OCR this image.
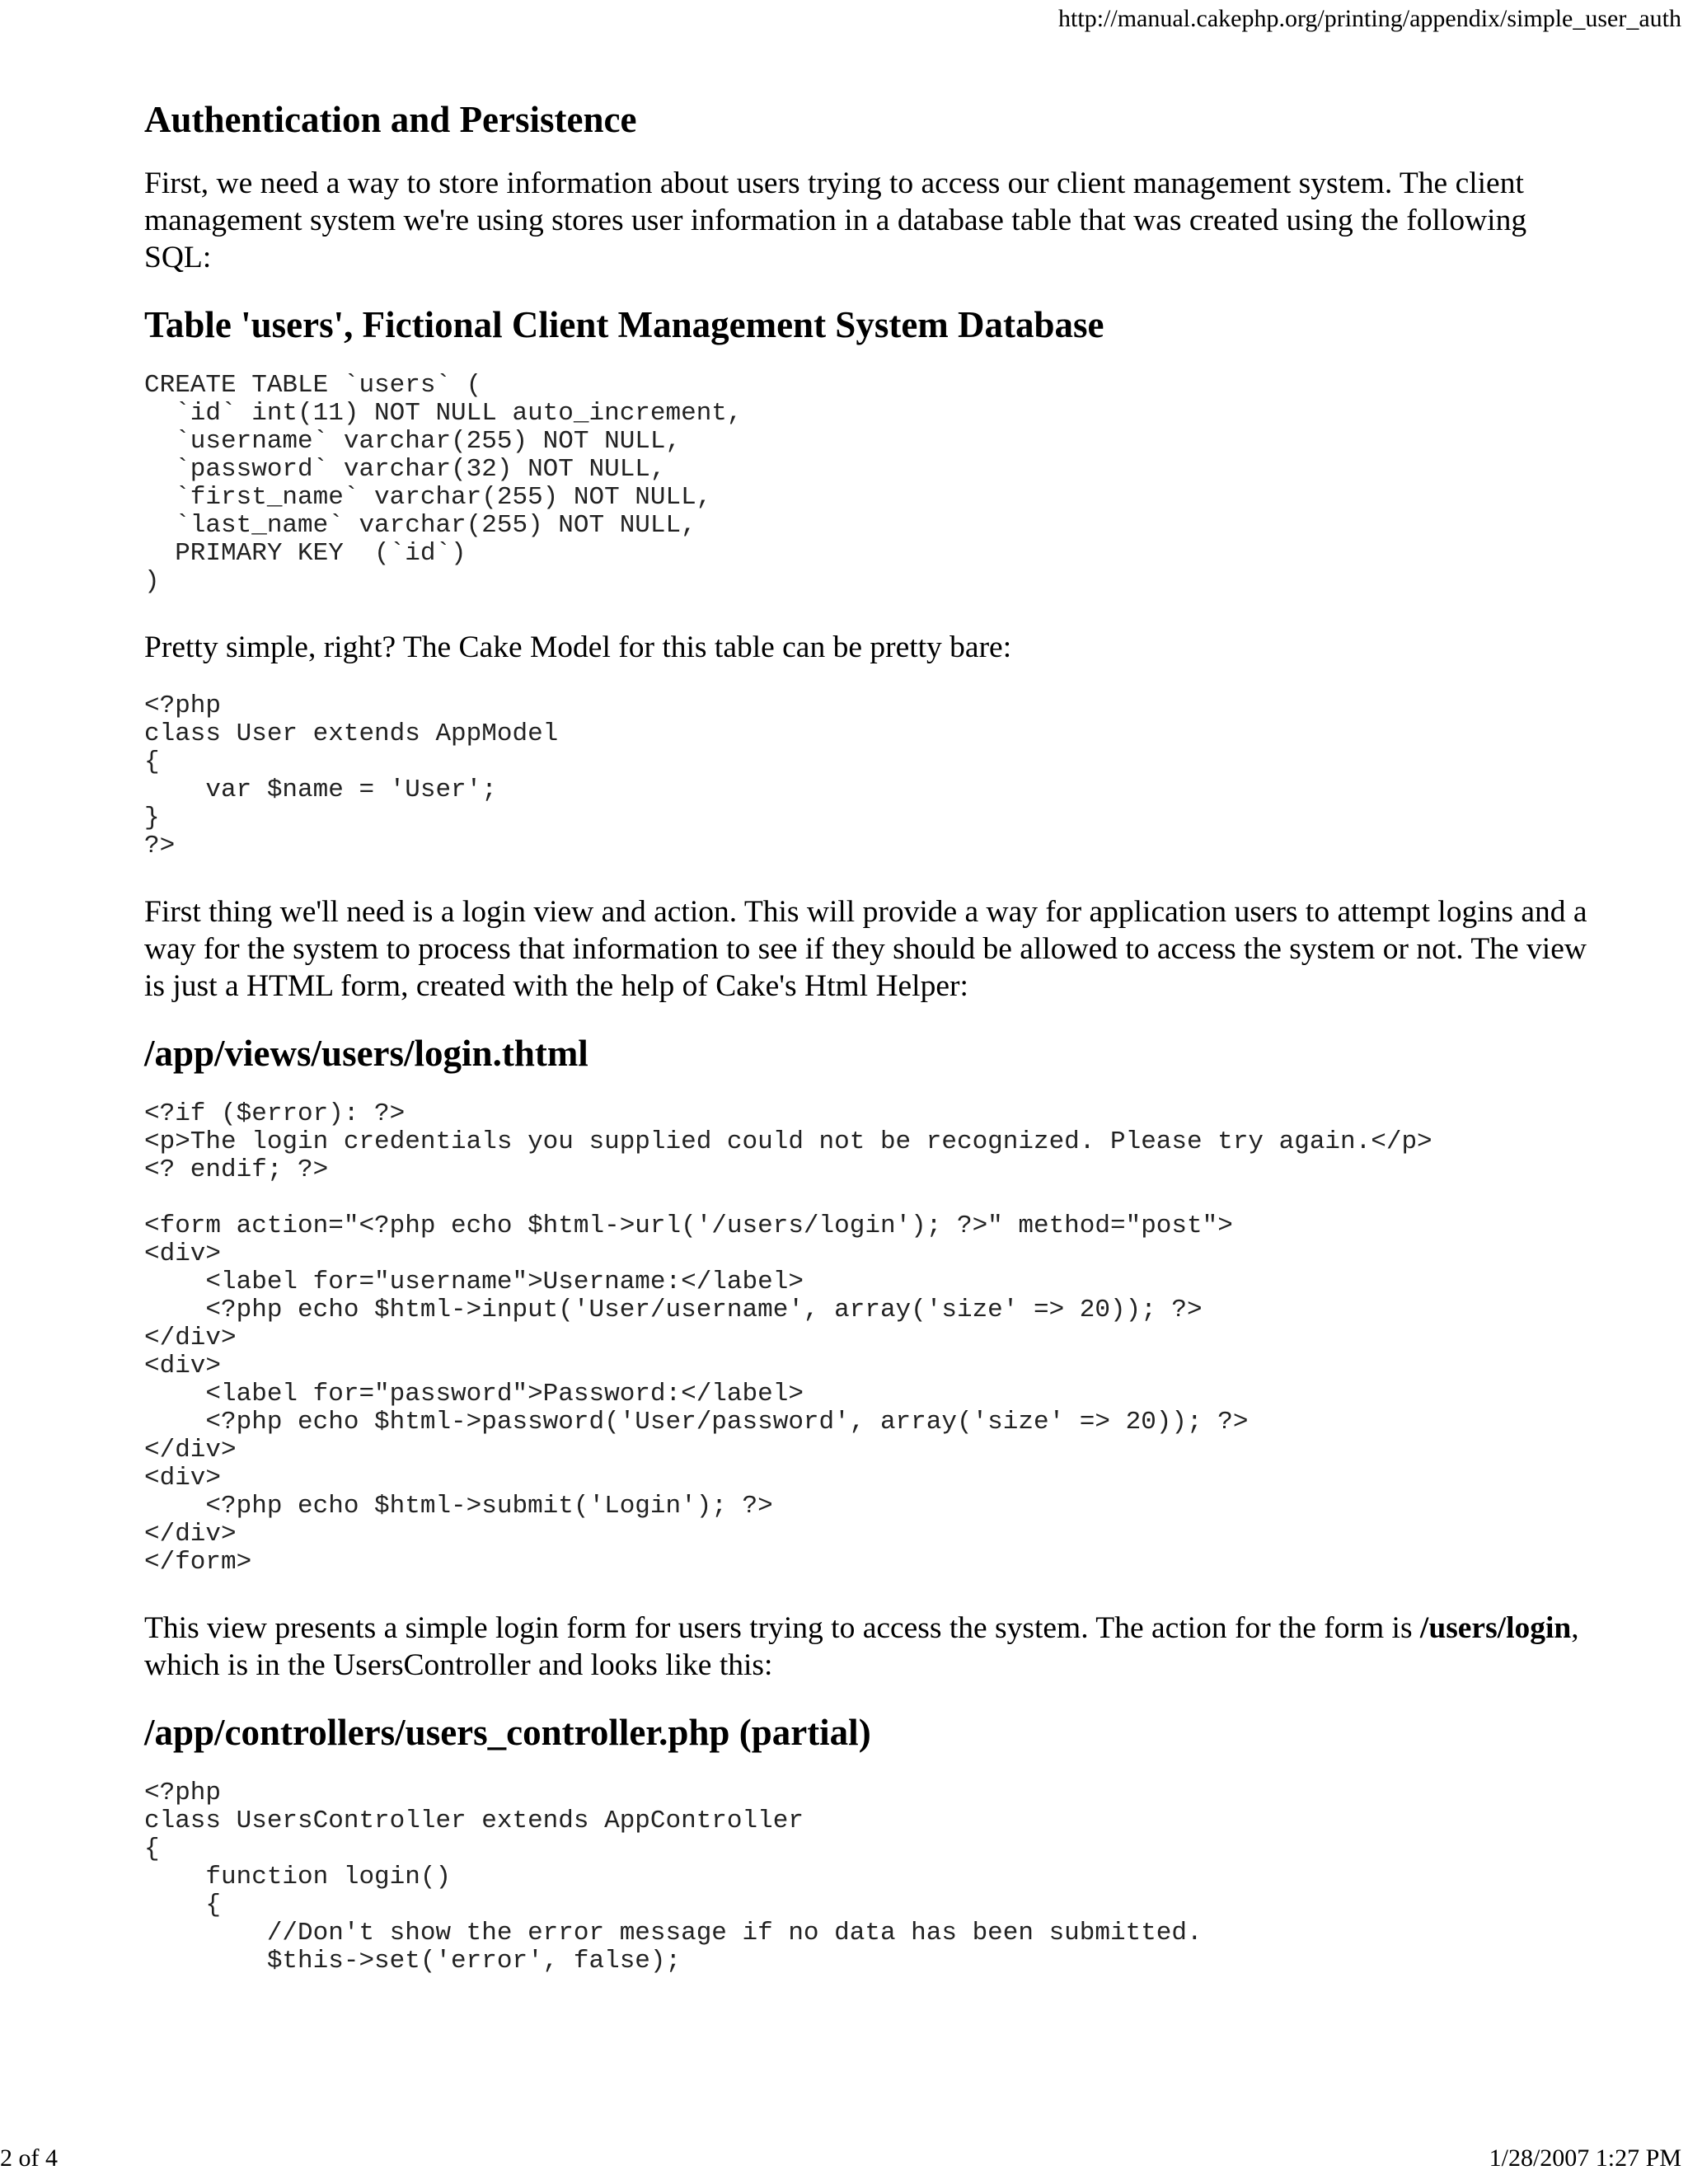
http://manual.cakephp.org/printing/appendix/simple_user_auth
Authentication and Persistence

First, we need a way to store information about users trying to access our client management system. The client management system we're using stores user information in a database table that was created using the following SQL:

Table 'users', Fictional Client Management System Database
CREATE TABLE `users` (
`id` int(11) NOT NULL auto_increment,
`username` varchar(255) NOT NULL,
`password` varchar(32) NOT NULL,
`first_name` varchar(255) NOT NULL,
`last_name` varchar(255) NOT NULL,
PRIMARY KEY  (`id`)
)

Pretty simple, right? The Cake Model for this table can be pretty bare:

<?php
class User extends AppModel
{
var $name = 'User';
}
?>

First thing we'll need is a login view and action. This will provide a way for application users to attempt logins and a way for the system to process that information to see if they should be allowed to access the system or not. The view is just a HTML form, created with the help of Cake's Html Helper:

/app/views/users/login.thtml
<?if ($error): ?>
<p>The login credentials you supplied could not be recognized. Please try again.</p>
<? endif; ?>

<form action="<?php echo $html->url('/users/login'); ?>" method="post">
<div>
<label for="username">Username:</label>
<?php echo $html->input('User/username', array('size' => 20)); ?>
</div>
<div>
<label for="password">Password:</label>
<?php echo $html->password('User/password', array('size' => 20)); ?>
</div>
<div>
<?php echo $html->submit('Login'); ?>
</div>
</form>

This view presents a simple login form for users trying to access the system. The action for the form is /users/login, which is in the UsersController and looks like this:

/app/controllers/users_controller.php (partial)
<?php
class UsersController extends AppController
{
function login()
{
//Don't show the error message if no data has been submitted.
$this->set('error', false);
2 of 4	1/28/2007 1:27 PM
